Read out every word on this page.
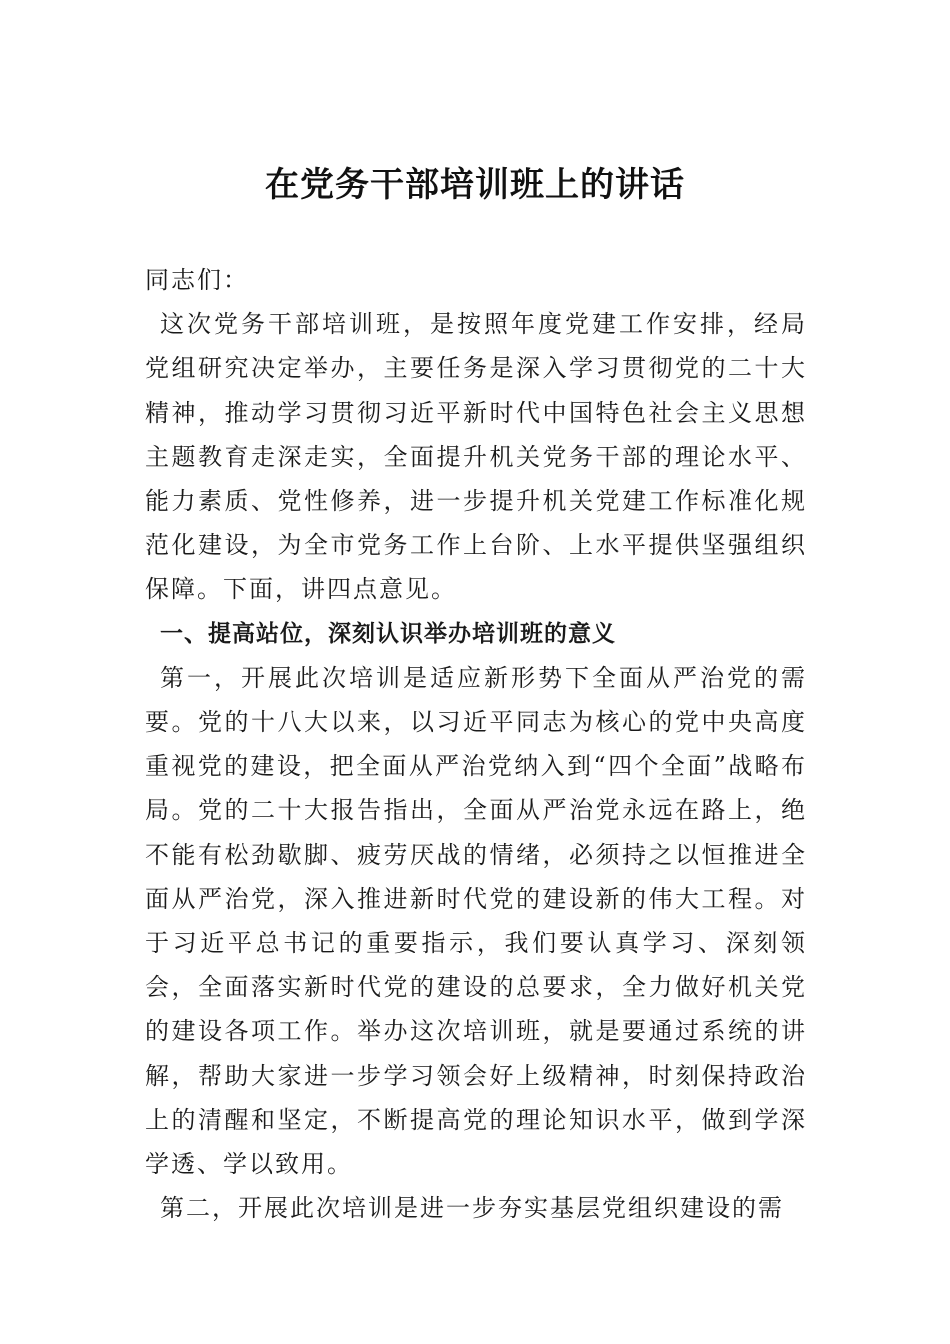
在党务干部培训班上的讲话

同志们：

这次党务干部培训班，是按照年度党建工作安排，经局党组研究决定举办，主要任务是深入学习贯彻党的二十大精神，推动学习贯彻习近平新时代中国特色社会主义思想主题教育走深走实，全面提升机关党务干部的理论水平、能力素质、党性修养，进一步提升机关党建工作标准化规范化建设，为全市党务工作上台阶、上水平提供坚强组织保障。下面，讲四点意见。

一、提高站位，深刻认识举办培训班的意义

第一，开展此次培训是适应新形势下全面从严治党的需要。党的十八大以来，以习近平同志为核心的党中央高度重视党的建设，把全面从严治党纳入到“四个全面”战略布局。党的二十大报告指出，全面从严治党永远在路上，绝不能有松劲歇脚、疲劳厌战的情绪，必须持之以恒推进全面从严治党，深入推进新时代党的建设新的伟大工程。对于习近平总书记的重要指示，我们要认真学习、深刻领会，全面落实新时代党的建设的总要求，全力做好机关党的建设各项工作。举办这次培训班，就是要通过系统的讲解，帮助大家进一步学习领会好上级精神，时刻保持政治上的清醒和坚定，不断提高党的理论知识水平，做到学深学透、学以致用。

第二，开展此次培训是进一步夯实基层党组织建设的需
